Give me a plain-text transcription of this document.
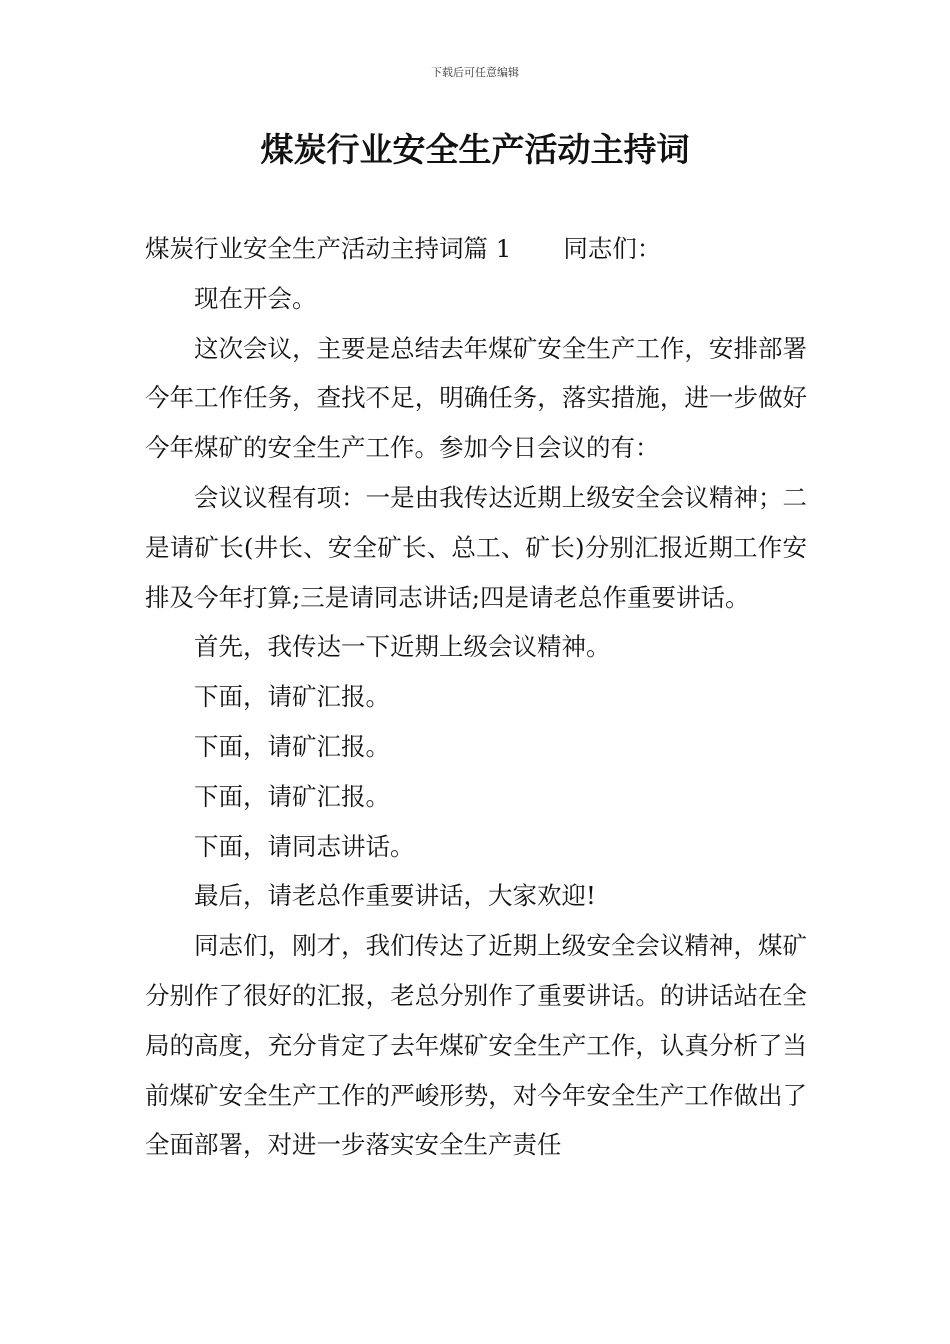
下载后可任意编辑
煤炭行业安全生产活动主持词

煤炭行业安全生产活动主持词篇 1 同志们：

现在开会。

这次会议，主要是总结去年煤矿安全生产工作，安排部署今年工作任务，查找不足，明确任务，落实措施，进一步做好今年煤矿的安全生产工作。参加今日会议的有：

会议议程有项：一是由我传达近期上级安全会议精神；二是请矿长(井长、安全矿长、总工、矿长)分别汇报近期工作安排及今年打算;三是请同志讲话;四是请老总作重要讲话。

首先，我传达一下近期上级会议精神。

下面，请矿汇报。

下面，请矿汇报。

下面，请矿汇报。

下面，请同志讲话。

最后，请老总作重要讲话，大家欢迎!

同志们，刚才，我们传达了近期上级安全会议精神，煤矿分别作了很好的汇报，老总分别作了重要讲话。的讲话站在全局的高度，充分肯定了去年煤矿安全生产工作，认真分析了当前煤矿安全生产工作的严峻形势，对今年安全生产工作做出了全面部署，对进一步落实安全生产责任
